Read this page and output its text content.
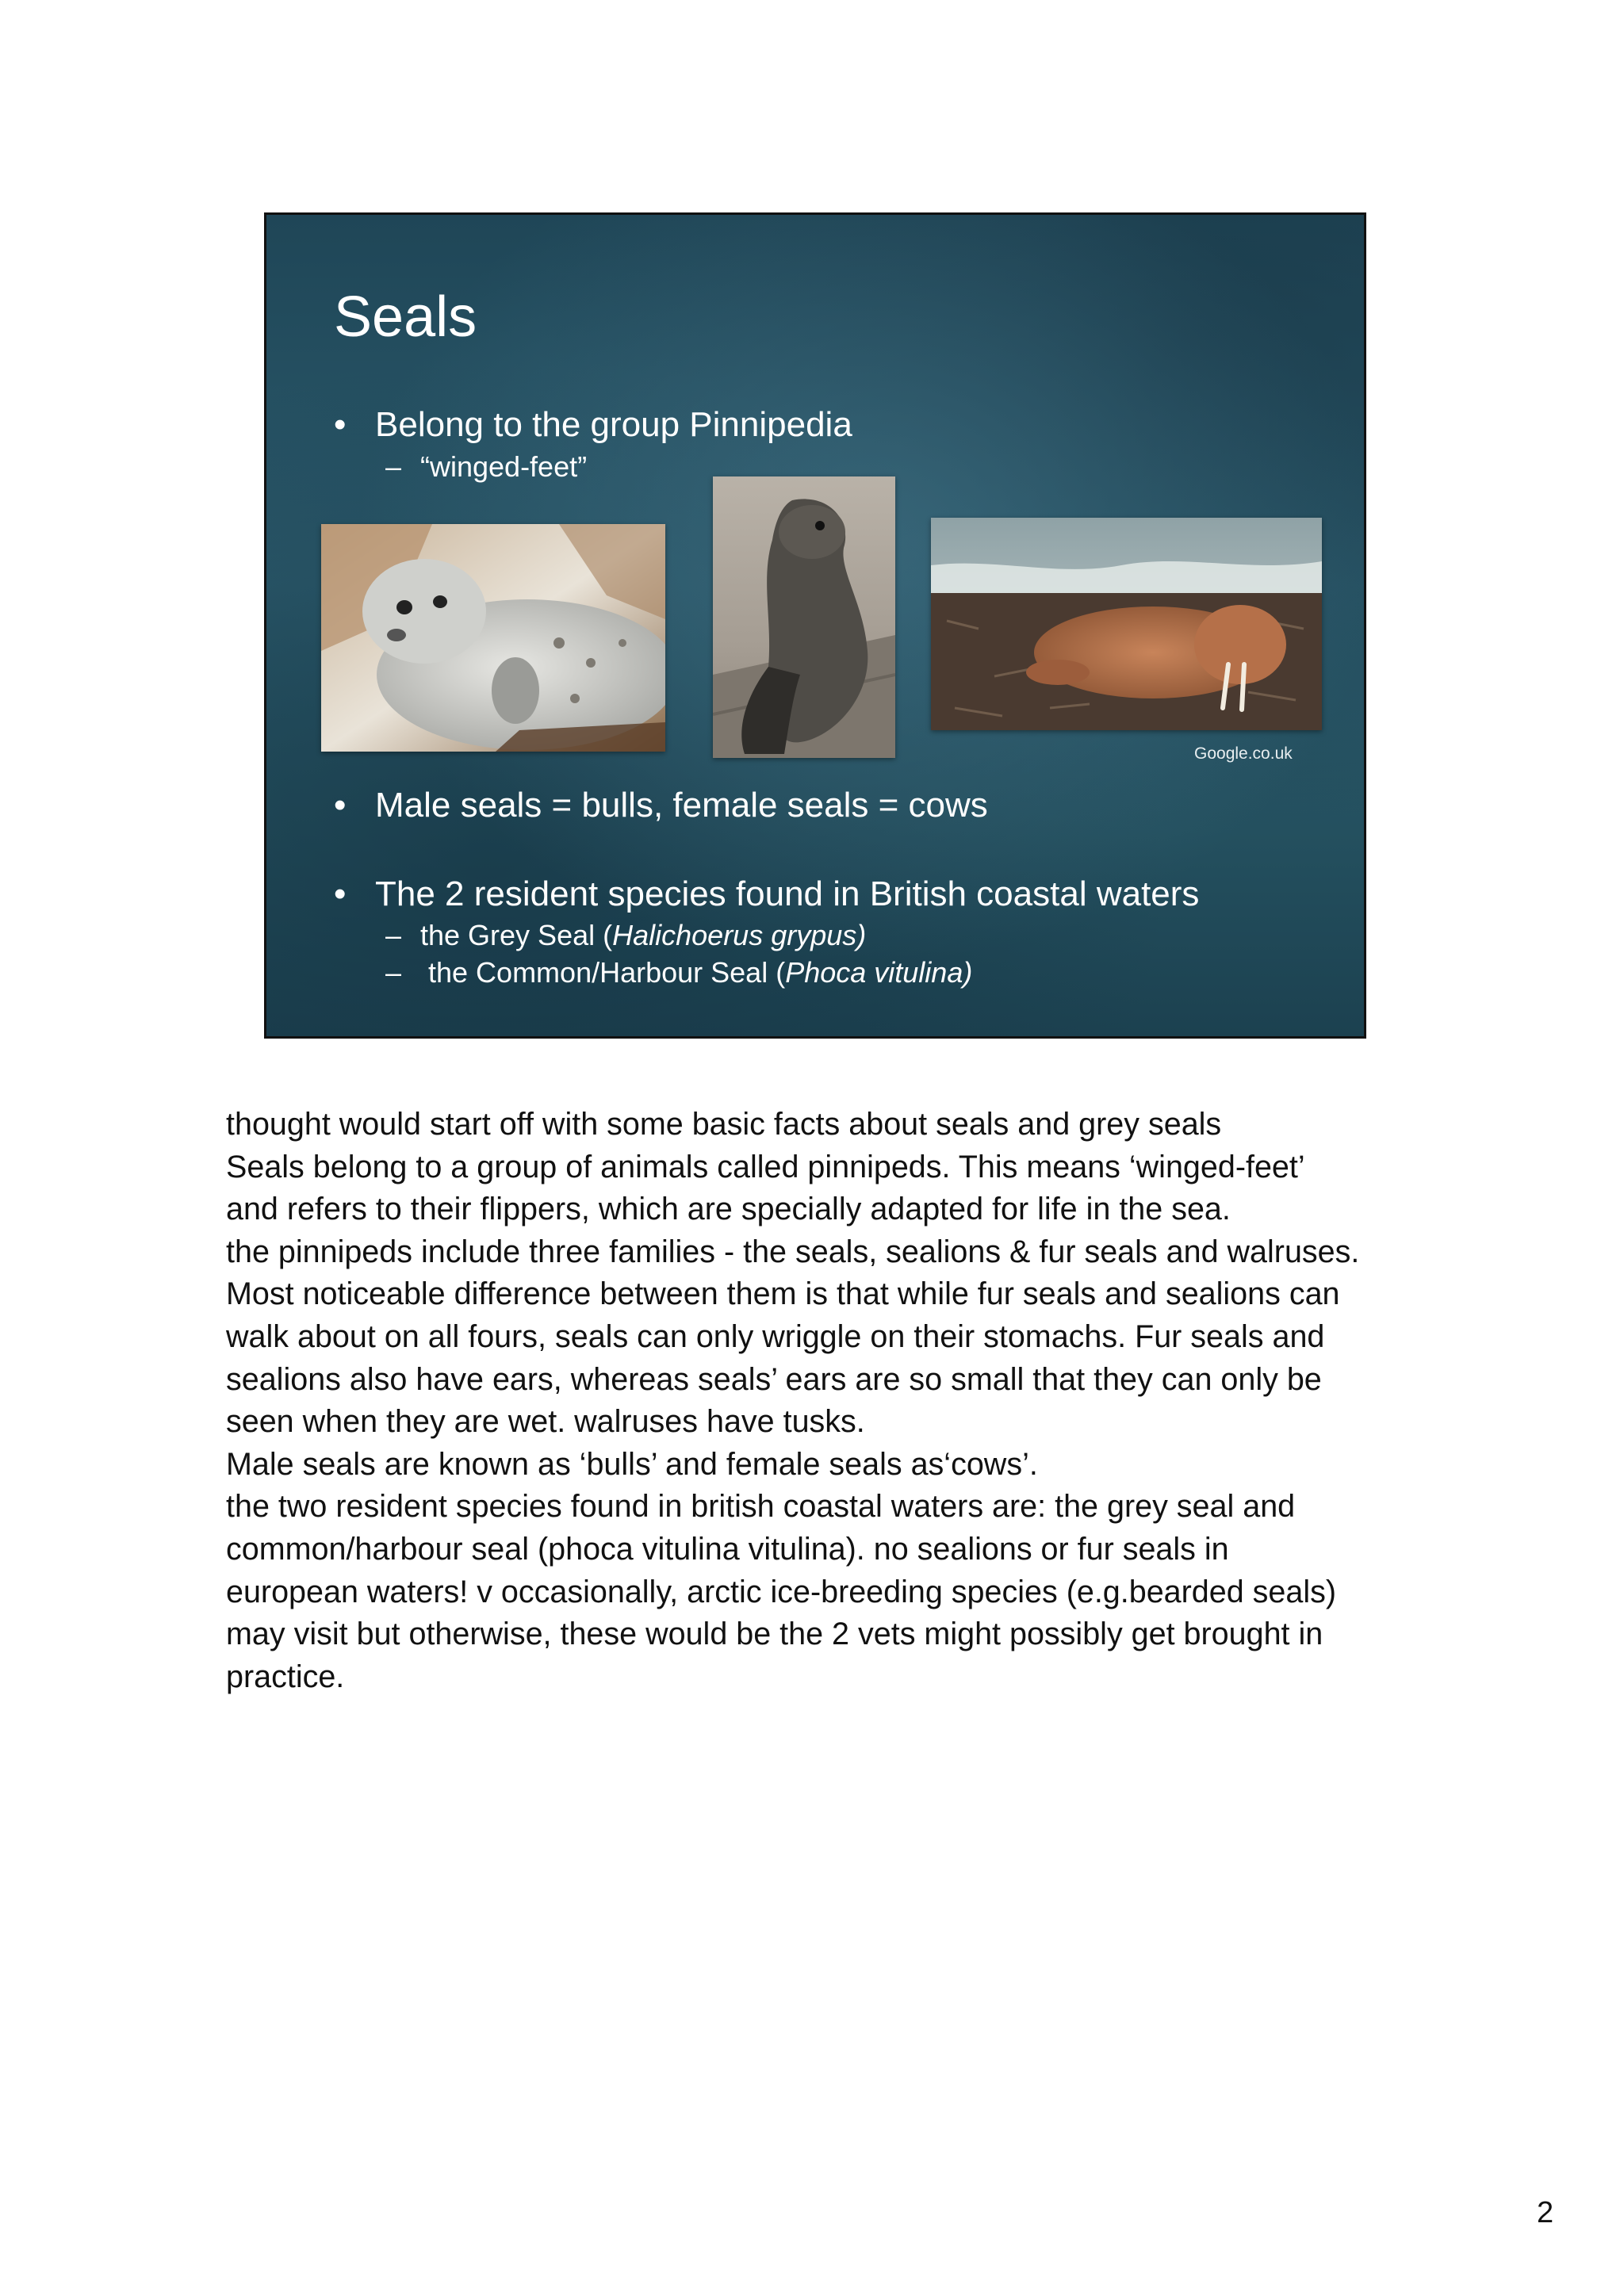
Seals
• Belong to the group Pinnipedia
– “winged-feet”
Google.co.uk
• Male seals = bulls, female seals = cows
• The 2 resident species found in British coastal waters
– the Grey Seal (Halichoerus grypus)
– the Common/Harbour Seal (Phoca vitulina)
thought would start off with some basic facts about seals and grey seals
Seals belong to a group of animals called pinnipeds. This means ‘winged-feet’
and refers to their flippers, which are specially adapted for life in the sea.
the pinnipeds include three families - the seals, sealions & fur seals and walruses.
Most noticeable difference between them is that while fur seals and sealions can
walk about on all fours, seals can only wriggle on their stomachs. Fur seals and
sealions also have ears, whereas seals’ ears are so small that they can only be
seen when they are wet. walruses have tusks.
Male seals are known as ‘bulls’ and female seals as‘cows’.
the two resident species found in british coastal waters are: the grey seal and
common/harbour seal (phoca vitulina vitulina). no sealions or fur seals in
european waters! v occasionally, arctic ice-breeding species (e.g.bearded seals)
may visit but otherwise, these would be the 2 vets might possibly get brought in
practice.
2
